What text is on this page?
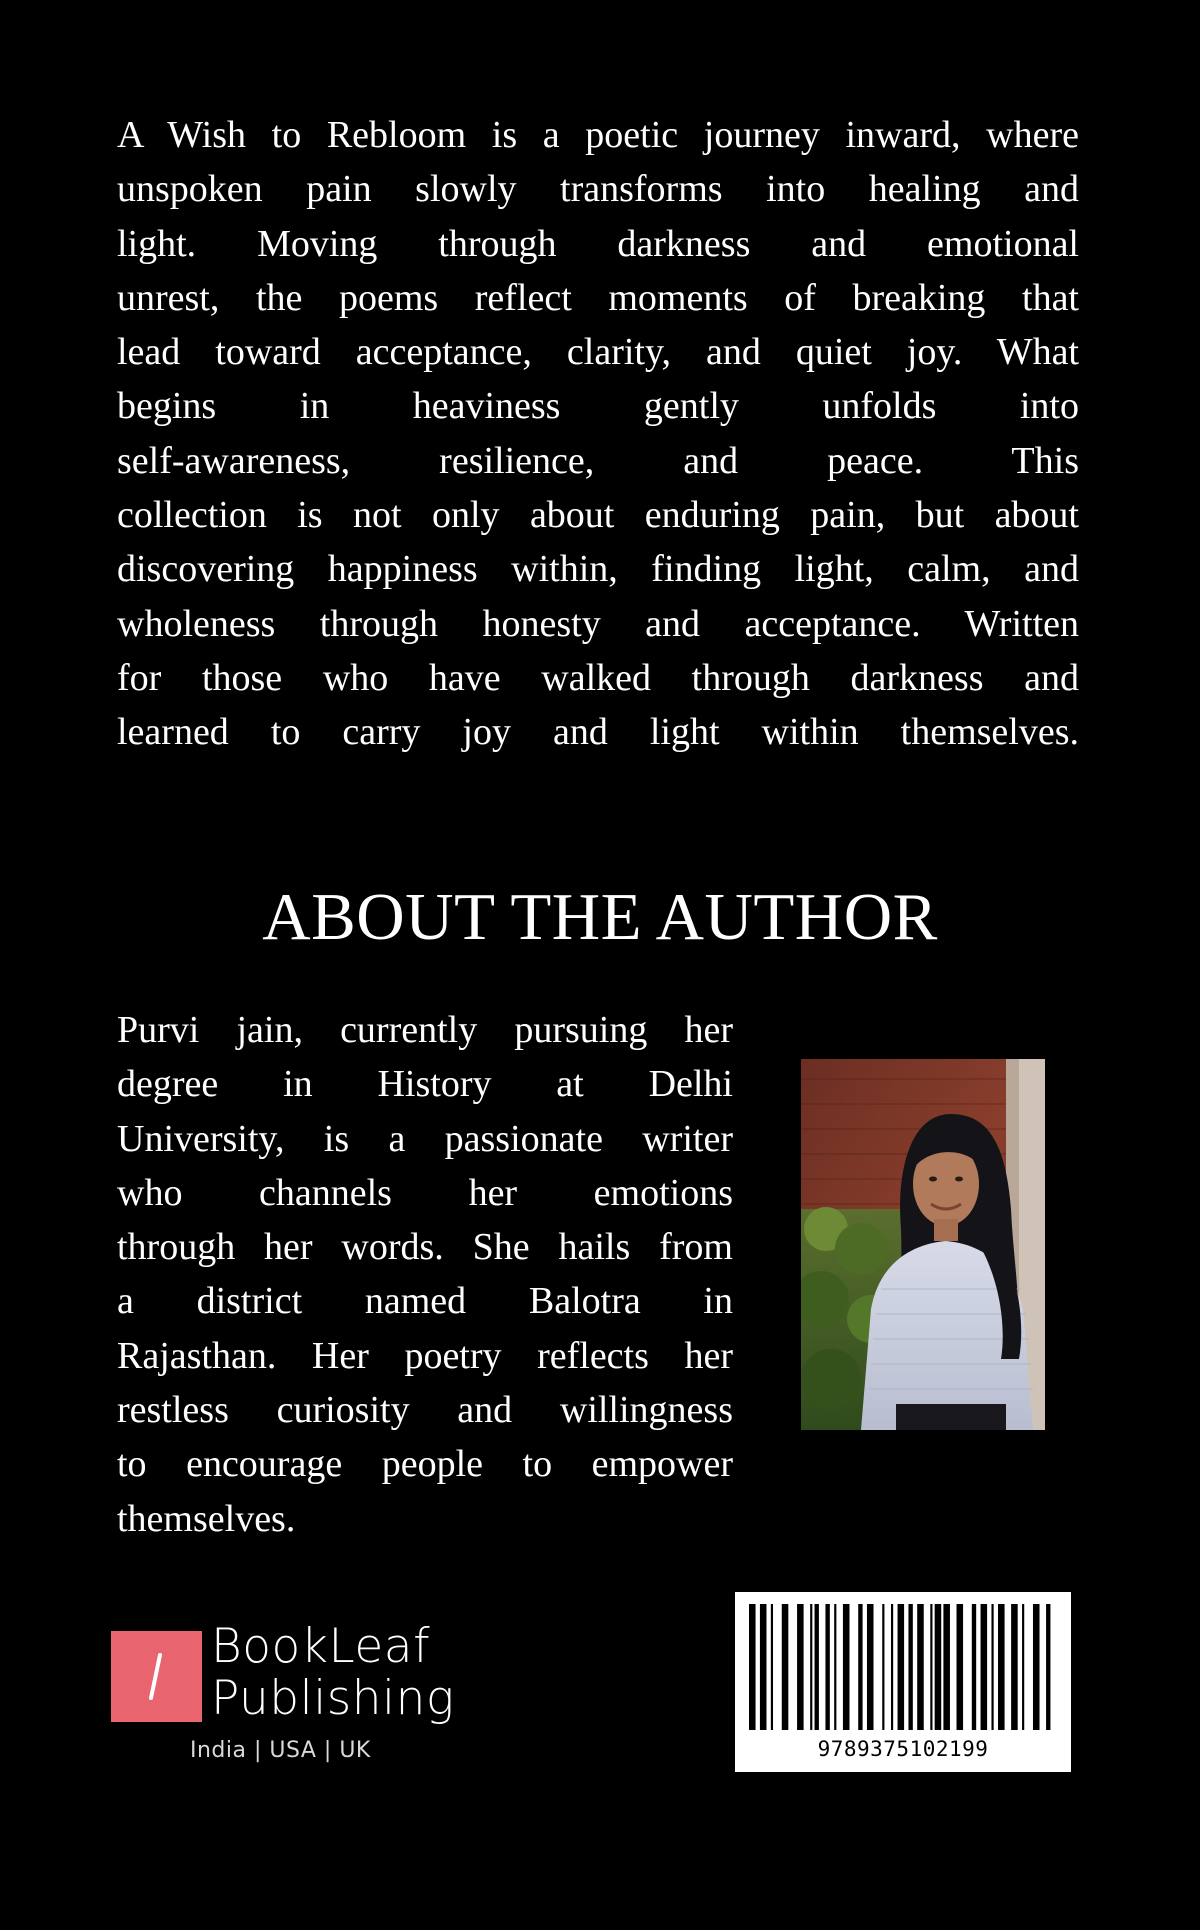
A Wish to Rebloom is a poetic journey inward, where
unspoken pain slowly transforms into healing and
light. Moving through darkness and emotional
unrest, the poems reflect moments of breaking that
lead toward acceptance, clarity, and quiet joy. What
begins in heaviness gently unfolds into
self-awareness, resilience, and peace. This
collection is not only about enduring pain, but about
discovering happiness within, finding light, calm, and
wholeness through honesty and acceptance. Written
for those who have walked through darkness and
learned to carry joy and light within themselves.
ABOUT THE AUTHOR
Purvi jain, currently pursuing her
degree in History at Delhi
University, is a passionate writer
who channels her emotions
through her words. She hails from
a district named Balotra in
Rajasthan. Her poetry reflects her
restless curiosity and willingness
to encourage people to empower
themselves.
BookLeaf
Publishing
India | USA | UK	9789375102199
